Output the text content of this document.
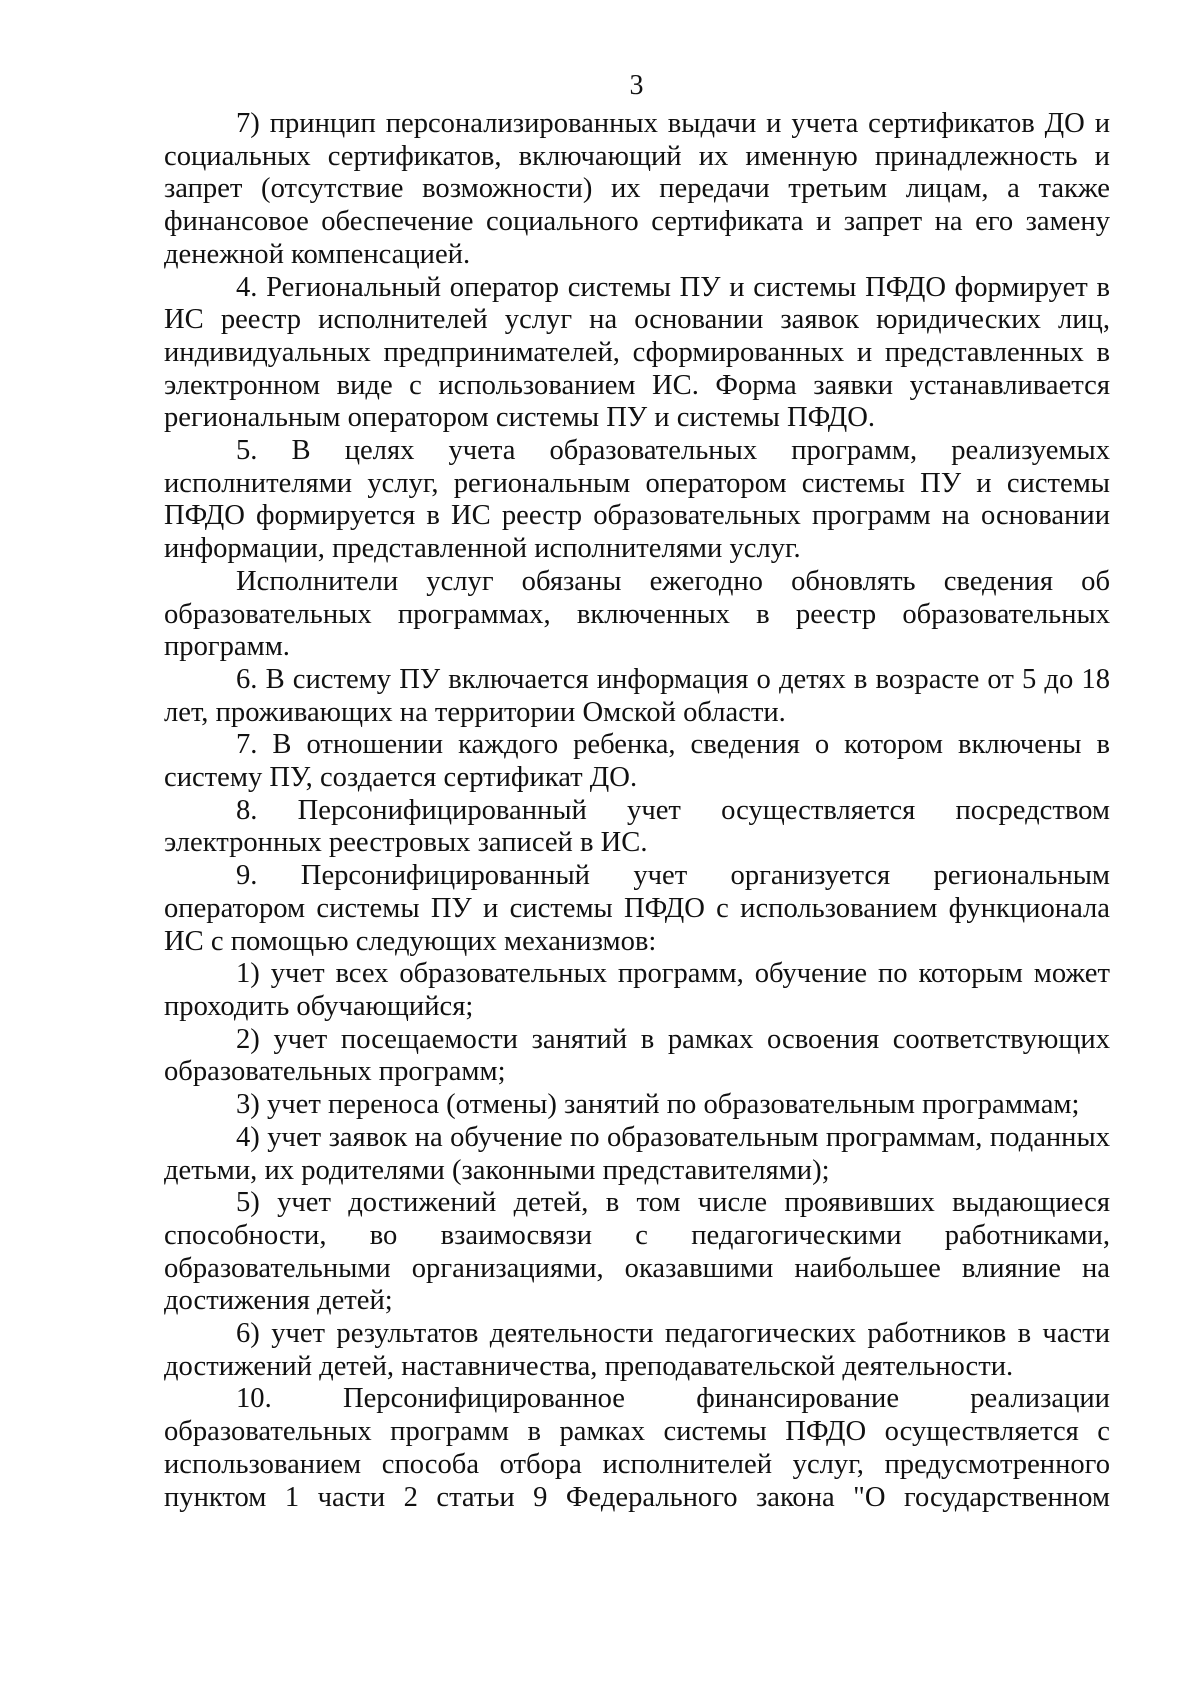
3

7) принцип персонализированных выдачи и учета сертификатов ДО и социальных сертификатов, включающий их именную принадлежность и запрет (отсутствие возможности) их передачи третьим лицам, а также финансовое обеспечение социального сертификата и запрет на его замену денежной компенсацией.

4. Региональный оператор системы ПУ и системы ПФДО формирует в ИС реестр исполнителей услуг на основании заявок юридических лиц, индивидуальных предпринимателей, сформированных и представленных в электронном виде с использованием ИС. Форма заявки устанавливается региональным оператором системы ПУ и системы ПФДО.

5. В целях учета образовательных программ, реализуемых исполнителями услуг, региональным оператором системы ПУ и системы ПФДО формируется в ИС реестр образовательных программ на основании информации, представленной исполнителями услуг.

Исполнители услуг обязаны ежегодно обновлять сведения об образовательных программах, включенных в реестр образовательных программ.

6. В систему ПУ включается информация о детях в возрасте от 5 до 18 лет, проживающих на территории Омской области.

7. В отношении каждого ребенка, сведения о котором включены в систему ПУ, создается сертификат ДО.

8. Персонифицированный учет осуществляется посредством электронных реестровых записей в ИС.

9. Персонифицированный учет организуется региональным оператором системы ПУ и системы ПФДО с использованием функционала ИС с помощью следующих механизмов:

1) учет всех образовательных программ, обучение по которым может проходить обучающийся;

2) учет посещаемости занятий в рамках освоения соответствующих образовательных программ;

3) учет переноса (отмены) занятий по образовательным программам;

4) учет заявок на обучение по образовательным программам, поданных детьми, их родителями (законными представителями);

5) учет достижений детей, в том числе проявивших выдающиеся способности, во взаимосвязи с педагогическими работниками, образовательными организациями, оказавшими наибольшее влияние на достижения детей;

6) учет результатов деятельности педагогических работников в части достижений детей, наставничества, преподавательской деятельности.

10. Персонифицированное финансирование реализации образовательных программ в рамках системы ПФДО осуществляется с использованием способа отбора исполнителей услуг, предусмотренного пунктом 1 части 2 статьи 9 Федерального закона "О государственном
